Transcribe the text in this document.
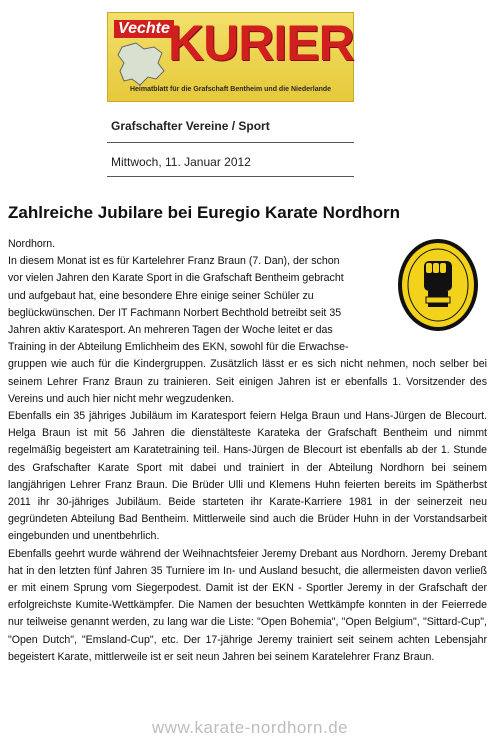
Vechte
KURIER
Heimatblatt für die Grafschaft Bentheim und die Niederlande
Grafschafter Vereine / Sport
Mittwoch, 11. Januar 2012
Zahlreiche Jubilare bei Euregio Karate Nordhorn

Nordhorn.

In diesem Monat ist es für Kartelehrer Franz Braun (7. Dan), der schon

vor vielen Jahren den Karate Sport in die Grafschaft Bentheim gebracht

und aufgebaut hat, eine besondere Ehre einige seiner Schüler zu

beglückwünschen. Der IT Fachmann Norbert Bechthold betreibt seit 35

Jahren aktiv Karatesport. An mehreren Tagen der Woche leitet er das

Training in der Abteilung Emlichheim des EKN, sowohl für die Erwachse-

gruppen wie auch für die Kindergruppen. Zusätzlich lässt er es sich nicht nehmen, noch selber bei seinem Lehrer Franz Braun zu trainieren. Seit einigen Jahren ist er ebenfalls 1. Vorsitzender des Vereins und auch hier nicht mehr wegzudenken.

Ebenfalls ein 35 jähriges Jubiläum im Karatesport feiern Helga Braun und Hans-Jürgen de Blecourt. Helga Braun ist mit 56 Jahren die dienstälteste Karateka der Grafschaft Bentheim und nimmt regelmäßig begeistert am Karatetraining teil. Hans-Jürgen de Blecourt ist ebenfalls ab der 1. Stunde des Grafschafter Karate Sport mit dabei und trainiert in der Abteilung Nordhorn bei seinem langjährigen Lehrer Franz Braun. Die Brüder Ulli und Klemens Huhn feierten bereits im Spätherbst 2011 ihr 30-jähriges Jubiläum. Beide starteten ihr Karate-Karriere 1981 in der seinerzeit neu gegründeten Abteilung Bad Bentheim. Mittlerweile sind auch die Brüder Huhn in der Vorstandsarbeit eingebunden und unentbehrlich.

Ebenfalls geehrt wurde während der Weihnachtsfeier Jeremy Drebant aus Nordhorn. Jeremy Drebant hat in den letzten fünf Jahren 35 Turniere im In- und Ausland besucht, die allermeisten davon verließ er mit einem Sprung vom Siegerpodest. Damit ist der EKN - Sportler Jeremy in der Grafschaft der erfolgreichste Kumite-Wettkämpfer. Die Namen der besuchten Wettkämpfe konnten in der Feierrede nur teilweise genannt werden, zu lang war die Liste: "Open Bohemia", "Open Belgium", "Sittard-Cup", "Open Dutch", "Emsland-Cup", etc. Der 17-jährige Jeremy trainiert seit seinem achten Lebensjahr begeistert Karate, mittlerweile ist er seit neun Jahren bei seinem Karatelehrer Franz Braun.

www.karate-nordhorn.de
